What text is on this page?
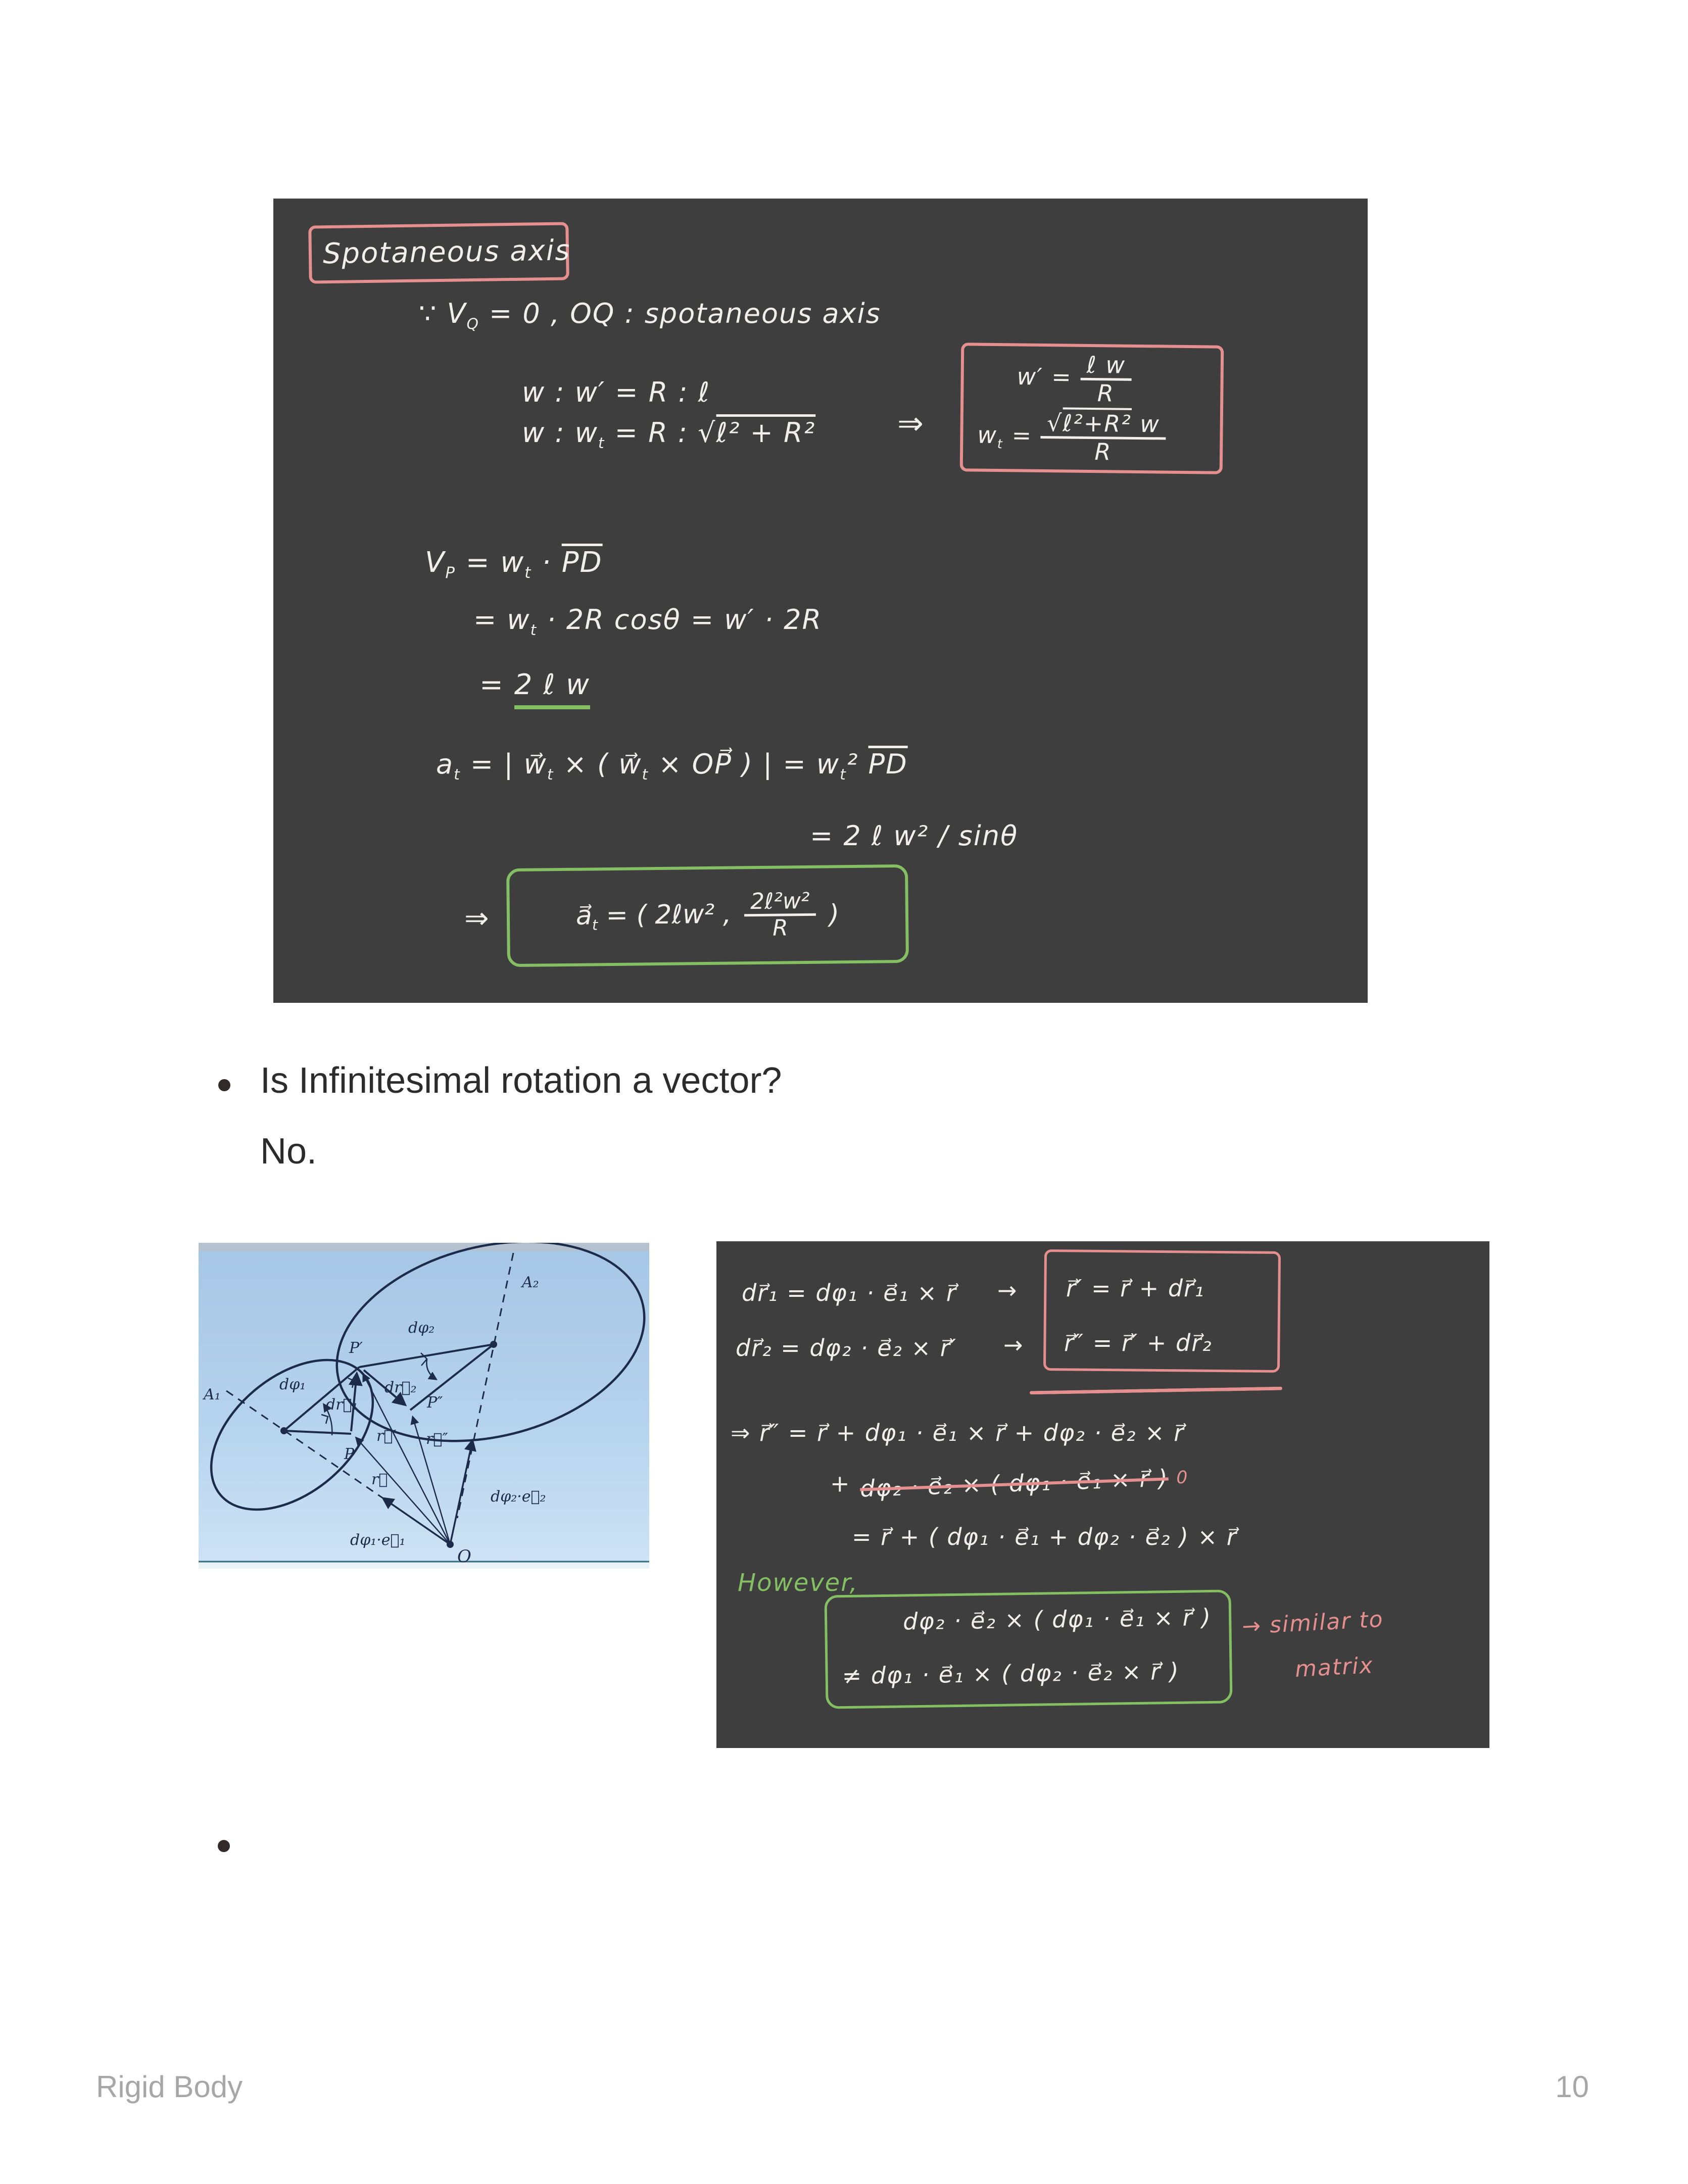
Spotaneous axis
∵ $V_Q = 0$ , OQ : spotaneous axis
w : w′ = R : ℓ
w : $w_t = R$ : √ℓ² + R²	⇒
$w' = \frac{\text{ℓ w}}{R}$
$w_t = \frac{\text{√ℓ²+R² w}}{R}$
$V_P = w_t \cdot \overline{PD}$
= $w_t \cdot 2R$ cosθ = w′ · 2R
= 2 ℓ w
$a_t$ = | $w⃗_t$ × ( $w⃗_t$ × OP⃗ ) | = $w_t^2$ $\overline{PD}$
= 2 ℓ w² / sinθ
⇒	$a⃗_t$ = ( 2ℓw² , $\frac{\text{2ℓ²w²}}{R}$ )
Is Infinitesimal rotation a vector?
No.
A₁
A₂
dφ₂
dφ₁
P′
P″
P
dr⃗₁
dr⃗₂
r⃗
r⃗′ r⃗″
dφ₁·e⃗₁
dφ₂·e⃗₂
O
dr⃗₁ = dφ₁ · e⃗₁ × r⃗ → r⃗′ = r⃗ + dr⃗₁
dr⃗₂ = dφ₂ · e⃗₂ × r⃗′ → r⃗″ = r⃗′ + dr⃗₂
⇒ r⃗″ = r⃗ + dφ₁ · e⃗₁ × r⃗ + dφ₂ · e⃗₂ × r⃗
+ dφ₂ · e⃗₂ × ( dφ₁ · e⃗₁ × r⃗ ) $^0$
= r⃗ + ( dφ₁ · e⃗₁ + dφ₂ · e⃗₂ ) × r⃗
However,
dφ₂ · e⃗₂ × ( dφ₁ · e⃗₁ × r⃗ )
≠ dφ₁ · e⃗₁ × ( dφ₂ · e⃗₂ × r⃗ )
→ similar to
matrix
Rigid Body	10
